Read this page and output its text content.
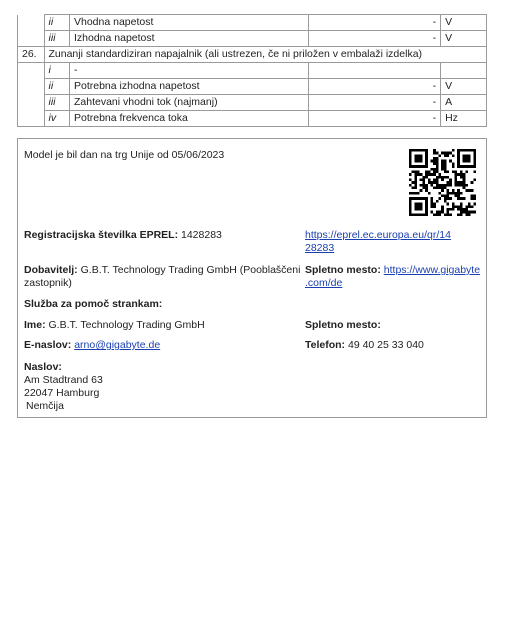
	ii	Vhodna napetost	-	V
	iii	Izhodna napetost	-	V
26.	Zunanji standardiziran napajalnik (ali ustrezen, če ni priložen v embalaži izdelka)			
	i	-		
	ii	Potrebna izhodna napetost	-	V
	iii	Zahtevani vhodni tok (najmanj)	-	A
	iv	Potrebna frekvenca toka	-	Hz
Model je bil dan na trg Unije od 05/06/2023
Registracijska številka EPREL: 1428283	https://eprel.ec.europa.eu/qr/14
28283
Dobavitelj: G.B.T. Technology Trading GmbH (Pooblaščeni
zastopnik)
Spletno mesto: https://www.gigabyte
.com/de
Služba za pomoč strankam:
Ime: G.B.T. Technology Trading GmbH	Spletno mesto:
E-naslov: arno@gigabyte.de	Telefon: 49 40 25 33 040
Naslov:
Am Stadtrand 63
22047 Hamburg
Nemčija
